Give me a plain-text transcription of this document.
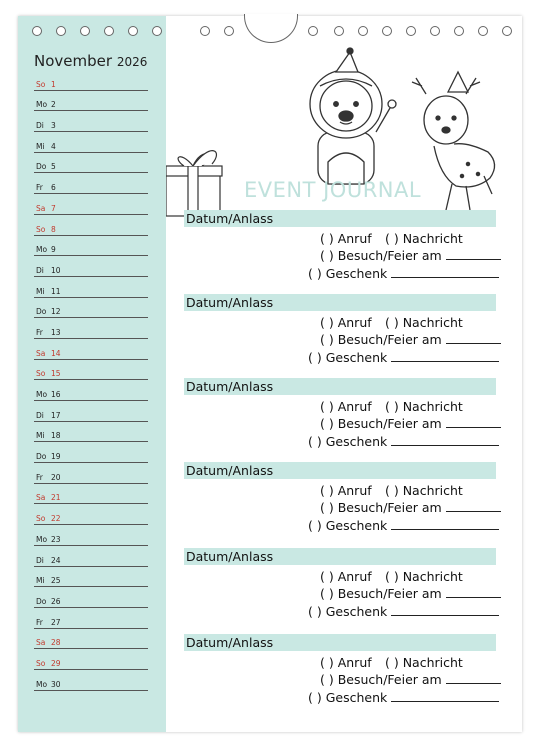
November 2026
So 1
Mo 2
Di 3
Mi 4
Do 5
Fr 6
Sa 7
So 8
Mo 9
Di 10
Mi 11
Do 12
Fr 13
Sa 14
So 15
Mo 16
Di 17
Mi 18
Do 19
Fr 20
Sa 21
So 22
Mo 23
Di 24
Mi 25
Do 26
Fr 27
Sa 28
So 29
Mo 30
EVENT JOURNAL
Datum/Anlass
( ) Anruf ( ) Nachricht
( ) Besuch/Feier am
( ) Geschenk
Datum/Anlass
( ) Anruf ( ) Nachricht
( ) Besuch/Feier am
( ) Geschenk
Datum/Anlass
( ) Anruf ( ) Nachricht
( ) Besuch/Feier am
( ) Geschenk
Datum/Anlass
( ) Anruf ( ) Nachricht
( ) Besuch/Feier am
( ) Geschenk
Datum/Anlass
( ) Anruf ( ) Nachricht
( ) Besuch/Feier am
( ) Geschenk
Datum/Anlass
( ) Anruf ( ) Nachricht
( ) Besuch/Feier am
( ) Geschenk
